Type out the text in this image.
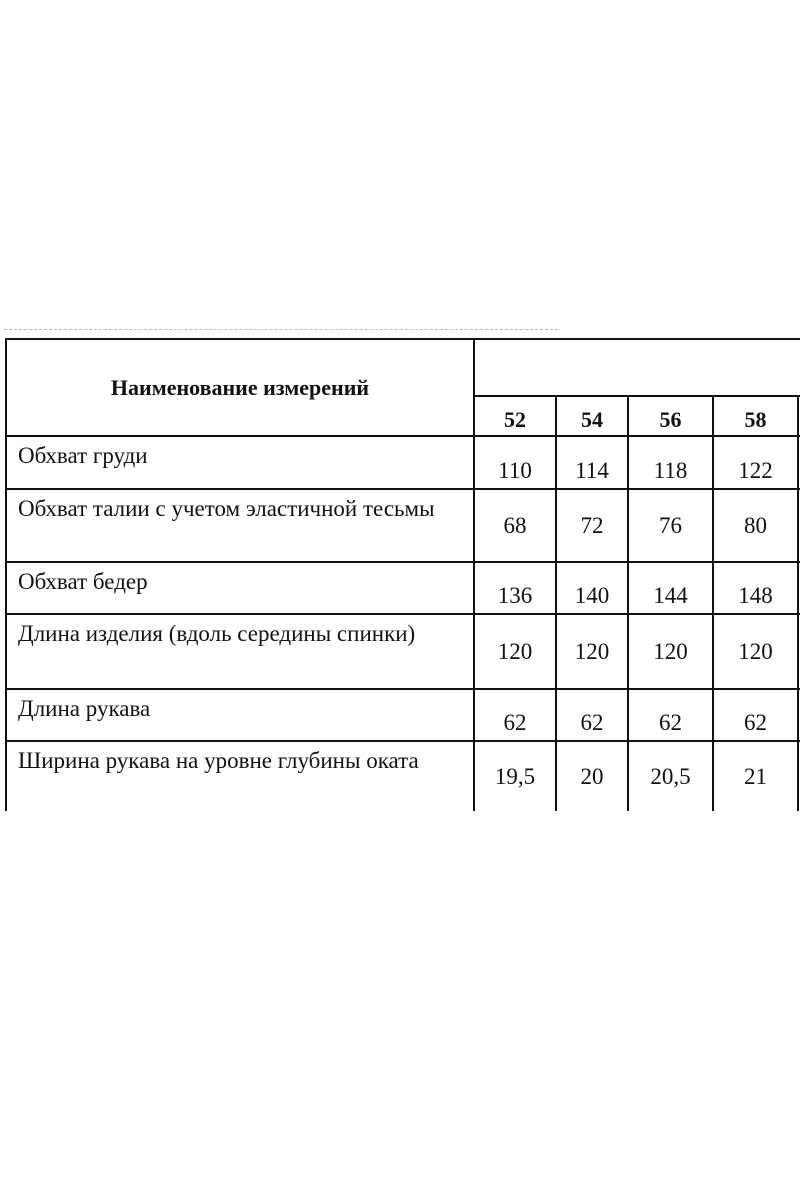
Наименование измерений					
	52	54	56	58	
Обхват груди	110	114	118	122	
Обхват талии с учетом эластичной тесьмы	68	72	76	80	
Обхват бедер	136	140	144	148	
Длина изделия (вдоль середины спинки)	120	120	120	120	
Длина рукава	62	62	62	62	
Ширина рукава на уровне глубины оката	19,5	20	20,5	21	
